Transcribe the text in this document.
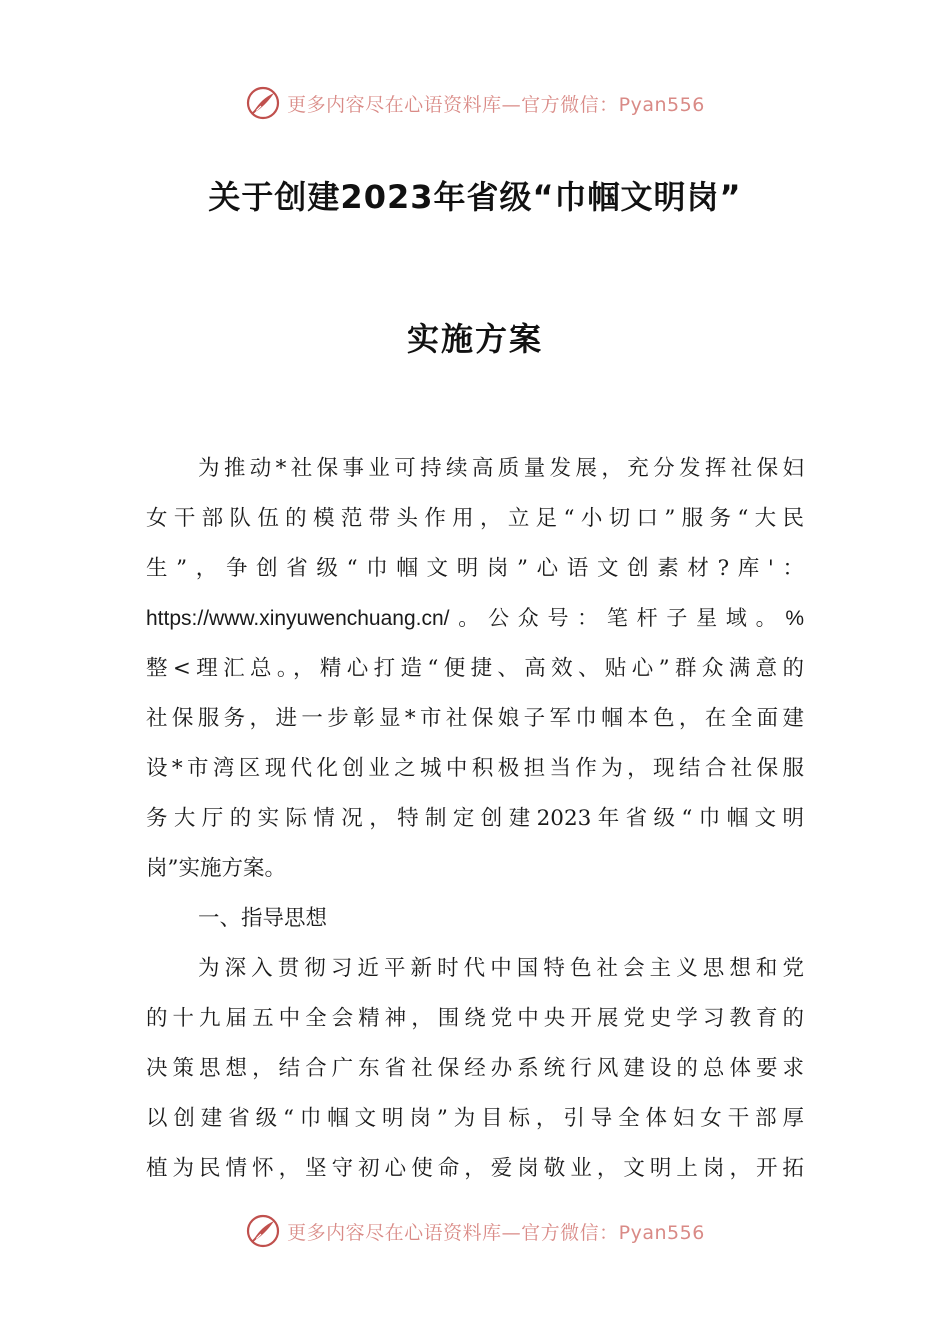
更多内容尽在心语资料库—官方微信：Pyan556
关于创建2023年省级“巾帼文明岗”
实施方案
为推动*社保事业可持续高质量发展，充分发挥社保妇
女干部队伍的模范带头作用，立足“小切口”服务“大民
生”，争创省级“巾帼文明岗”心语文创素材?库'：
https://www.xinyuwenchuang.cn/。公众号：笔杆子星域。%
整<理汇总。，精心打造“便捷、高效、贴心”群众满意的
社保服务，进一步彰显*市社保娘子军巾帼本色，在全面建
设*市湾区现代化创业之城中积极担当作为，现结合社保服
务大厅的实际情况，特制定创建2023年省级“巾帼文明
岗”实施方案。
一、指导思想
为深入贯彻习近平新时代中国特色社会主义思想和党
的十九届五中全会精神，围绕党中央开展党史学习教育的
决策思想，结合广东省社保经办系统行风建设的总体要求
以创建省级“巾帼文明岗”为目标，引导全体妇女干部厚
植为民情怀，坚守初心使命，爱岗敬业，文明上岗，开拓
更多内容尽在心语资料库—官方微信：Pyan556
